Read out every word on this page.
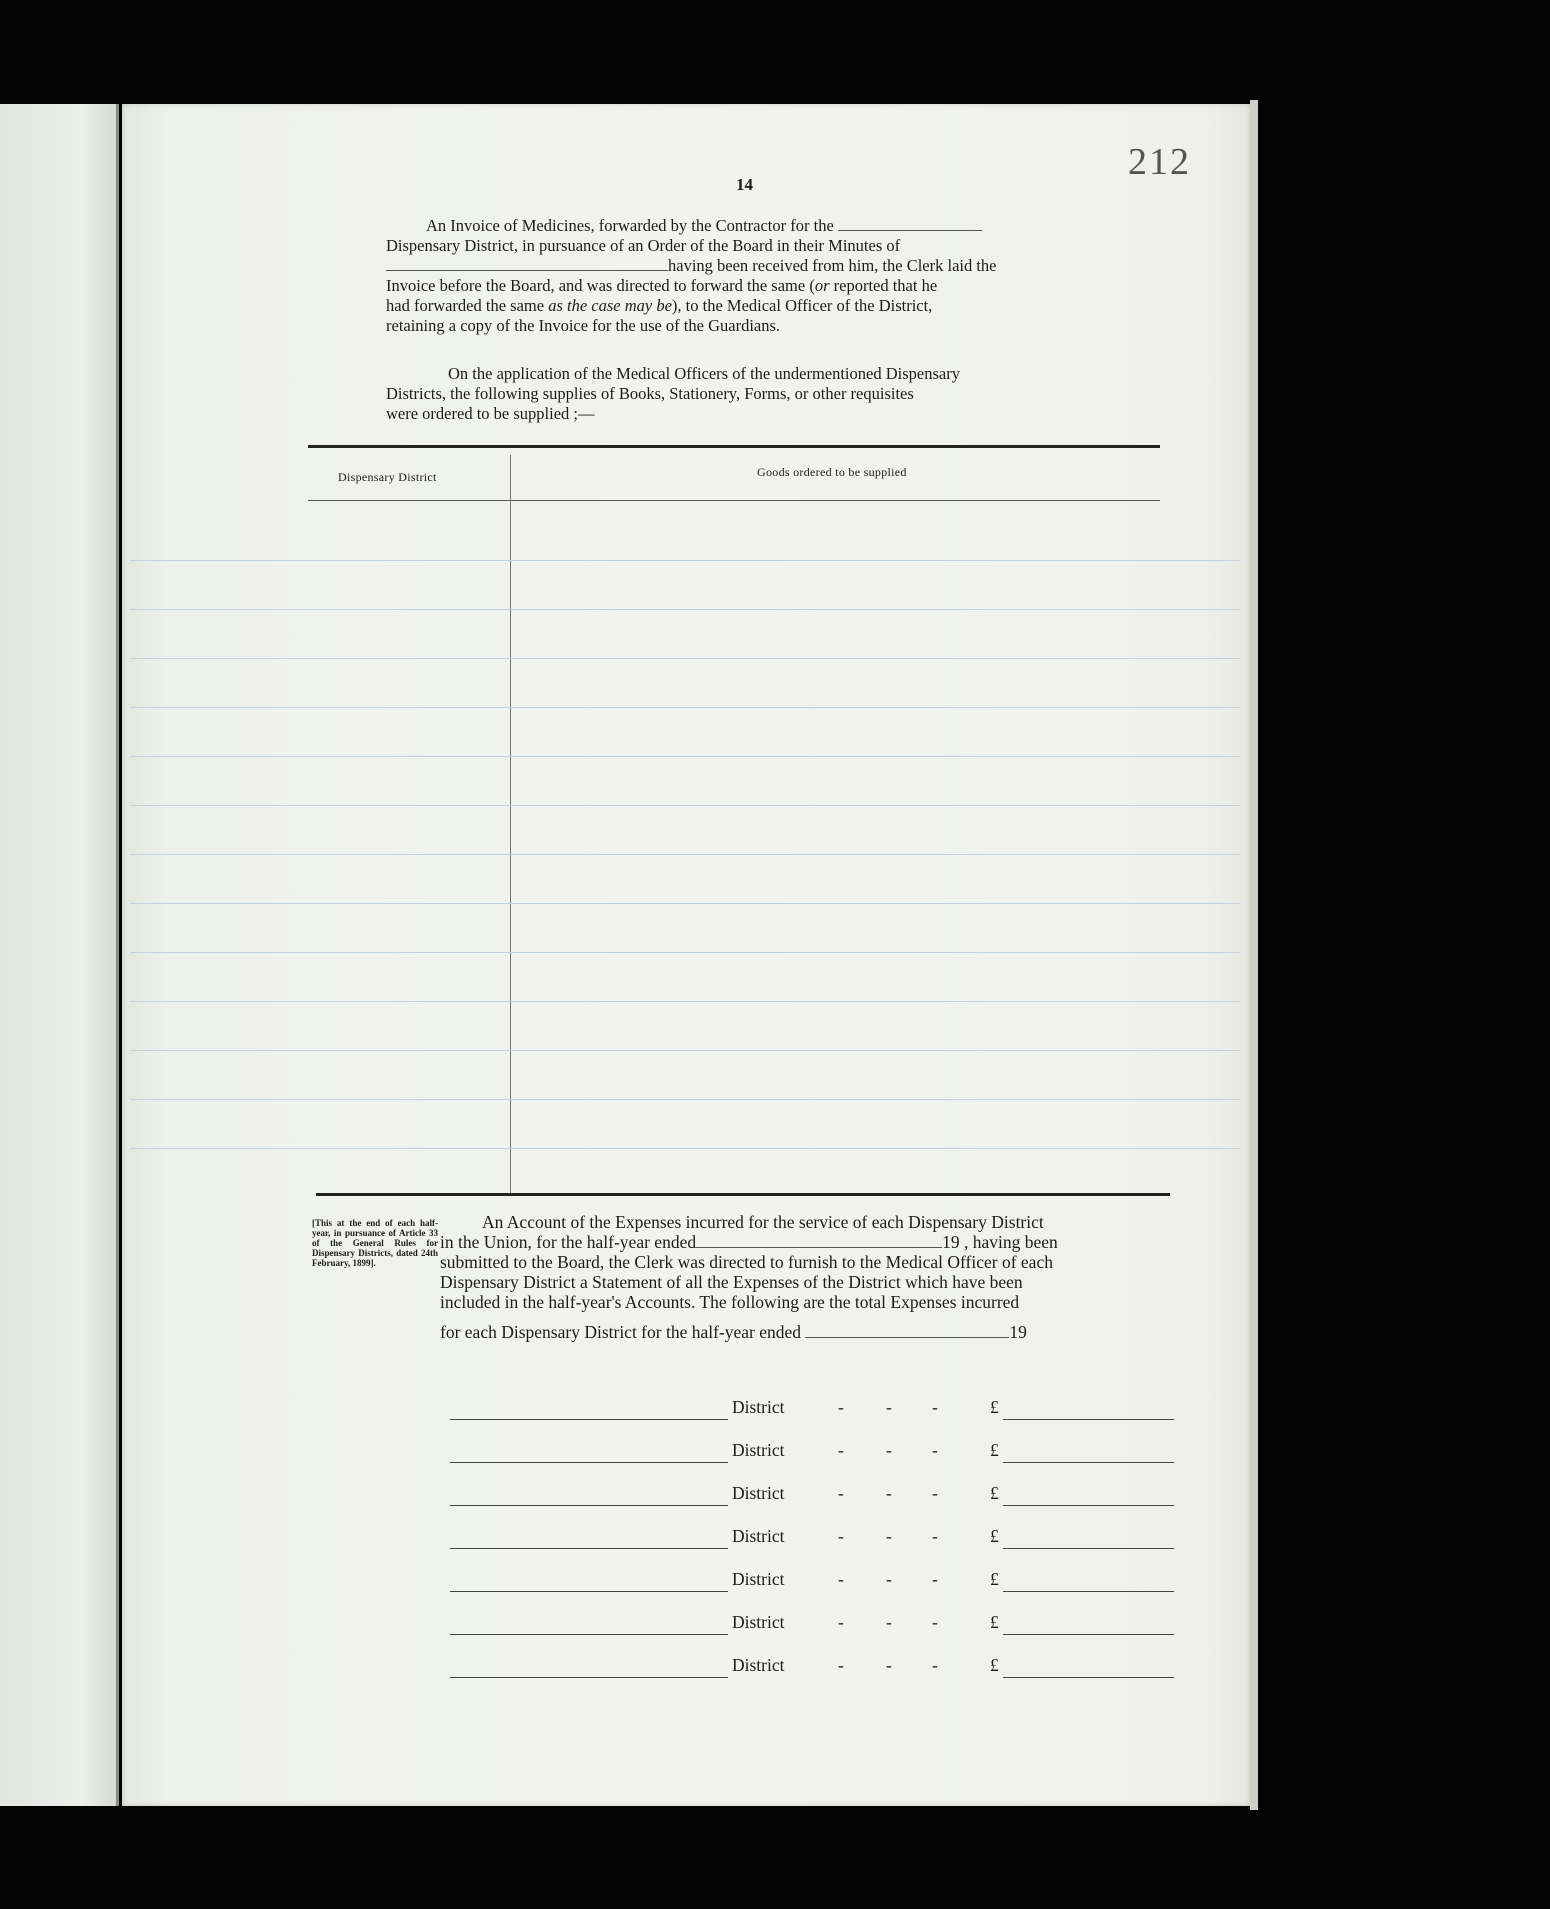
212
14

An Invoice of Medicines, forwarded by the Contractor for the

Dispensary District, in pursuance of an Order of the Board in their Minutes of

having been received from him, the Clerk laid the

Invoice before the Board, and was directed to forward the same (or reported that he

had forwarded the same as the case may be), to the Medical Officer of the District,

retaining a copy of the Invoice for the use of the Guardians.

On the application of the Medical Officers of the undermentioned Dispensary

Districts, the following supplies of Books, Stationery, Forms, or other requisites

were ordered to be supplied ;—

Dispensary District	Goods ordered to be supplied
[This at the end of each half-year, in pursuance of Article 33 of the General Rules for Dispensary Districts, dated 24th February, 1899].

An Account of the Expenses incurred for the service of each Dispensary District

in the Union, for the half-year ended	19 , having been

submitted to the Board, the Clerk was directed to furnish to the Medical Officer of each

Dispensary District a Statement of all the Expenses of the District which have been

included in the half-year's Accounts. The following are the total Expenses incurred

for each Dispensary District for the half-year ended	19

District	- - -	£
District	- - -	£
District	- - -	£
District	- - -	£
District	- - -	£
District	- - -	£
District	- - -	£
